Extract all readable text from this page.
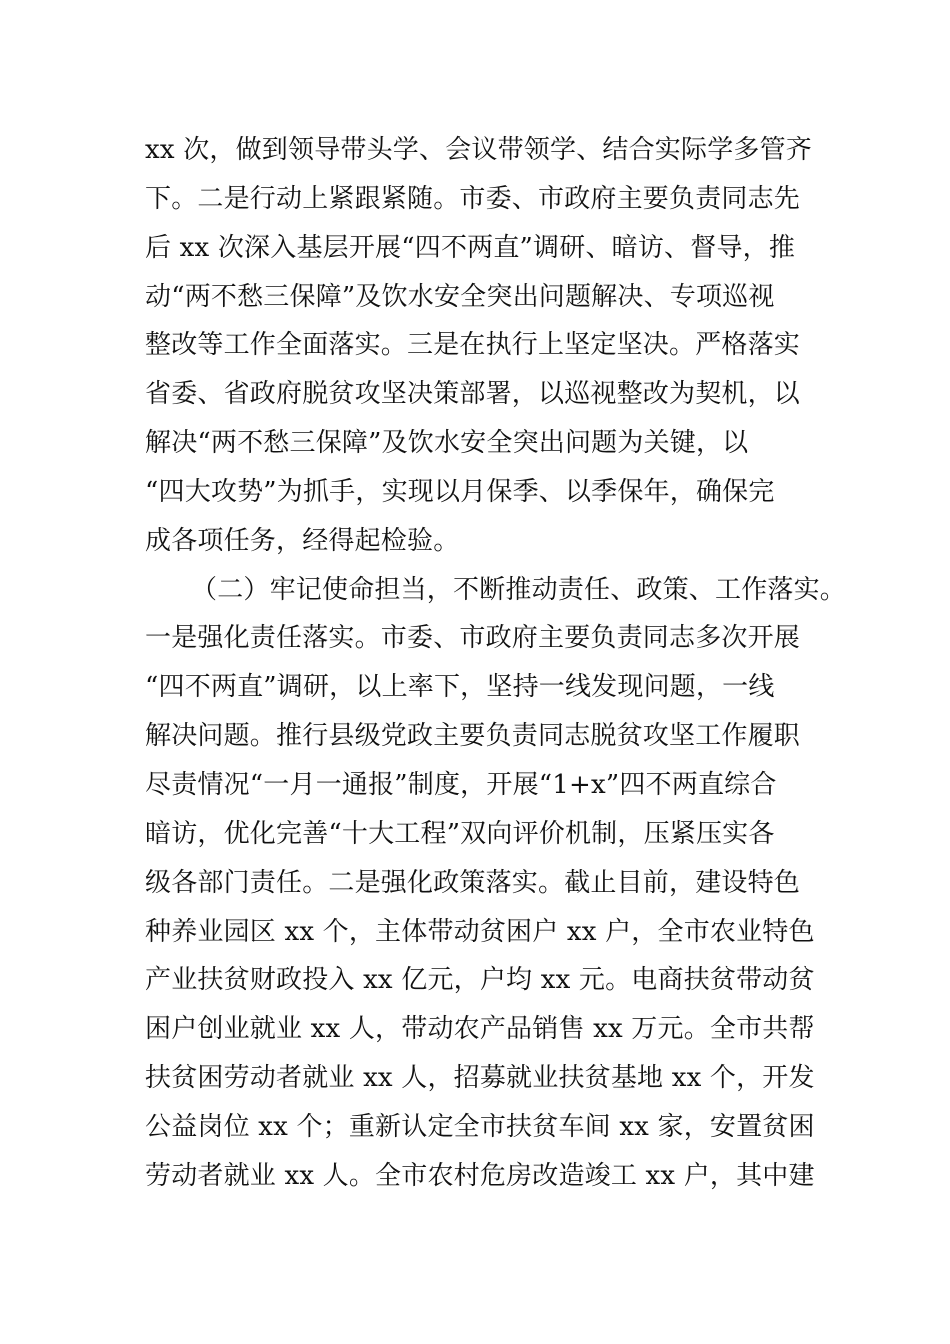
xx 次，做到领导带头学、会议带领学、结合实际学多管齐
下。二是行动上紧跟紧随。市委、市政府主要负责同志先
后 xx 次深入基层开展“四不两直”调研、暗访、督导，推
动“两不愁三保障”及饮水安全突出问题解决、专项巡视
整改等工作全面落实。三是在执行上坚定坚决。严格落实
省委、省政府脱贫攻坚决策部署，以巡视整改为契机，以
解决“两不愁三保障”及饮水安全突出问题为关键，以
“四大攻势”为抓手，实现以月保季、以季保年，确保完
成各项任务，经得起检验。
（二）牢记使命担当，不断推动责任、政策、工作落实。
一是强化责任落实。市委、市政府主要负责同志多次开展
“四不两直”调研，以上率下，坚持一线发现问题，一线
解决问题。推行县级党政主要负责同志脱贫攻坚工作履职
尽责情况“一月一通报”制度，开展“1+x”四不两直综合
暗访，优化完善“十大工程”双向评价机制，压紧压实各
级各部门责任。二是强化政策落实。截止目前，建设特色
种养业园区 xx 个，主体带动贫困户 xx 户，全市农业特色
产业扶贫财政投入 xx 亿元，户均 xx 元。电商扶贫带动贫
困户创业就业 xx 人，带动农产品销售 xx 万元。全市共帮
扶贫困劳动者就业 xx 人，招募就业扶贫基地 xx 个，开发
公益岗位 xx 个；重新认定全市扶贫车间 xx 家，安置贫困
劳动者就业 xx 人。全市农村危房改造竣工 xx 户，其中建
